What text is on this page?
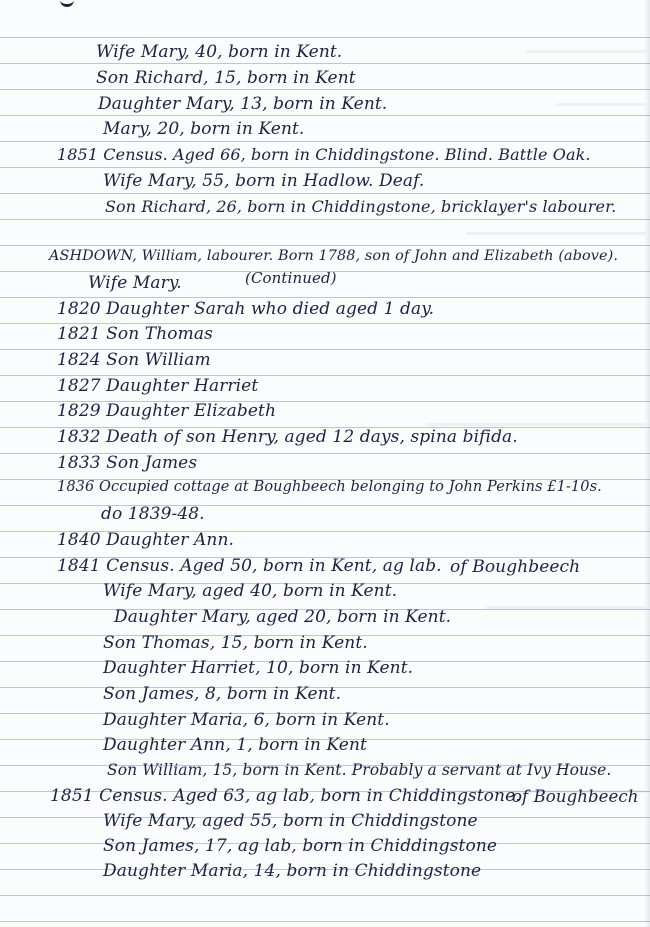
Wife Mary, 40, born in Kent.
Son Richard, 15, born in Kent
Daughter Mary, 13, born in Kent.
Mary, 20, born in Kent.
1851 Census. Aged 66, born in Chiddingstone. Blind. Battle Oak.
Wife Mary, 55, born in Hadlow. Deaf.
Son Richard, 26, born in Chiddingstone, bricklayer's labourer.
ASHDOWN, William, labourer. Born 1788, son of John and Elizabeth (above).
Wife Mary.	(Continued)
1820 Daughter Sarah who died aged 1 day.
1821 Son Thomas
1824 Son William
1827 Daughter Harriet
1829 Daughter Elizabeth
1832 Death of son Henry, aged 12 days, spina bifida.
1833 Son James
1836 Occupied cottage at Boughbeech belonging to John Perkins £1-10s.
do 1839-48.
1840 Daughter Ann.
1841 Census. Aged 50, born in Kent, ag lab. of Boughbeech
Wife Mary, aged 40, born in Kent.
Daughter Mary, aged 20, born in Kent.
Son Thomas, 15, born in Kent.
Daughter Harriet, 10, born in Kent.
Son James, 8, born in Kent.
Daughter Maria, 6, born in Kent.
Daughter Ann, 1, born in Kent
Son William, 15, born in Kent. Probably a servant at Ivy House.
1851 Census. Aged 63, ag lab, born in Chiddingstone.
of Boughbeech
Wife Mary, aged 55, born in Chiddingstone
Son James, 17, ag lab, born in Chiddingstone
Daughter Maria, 14, born in Chiddingstone
